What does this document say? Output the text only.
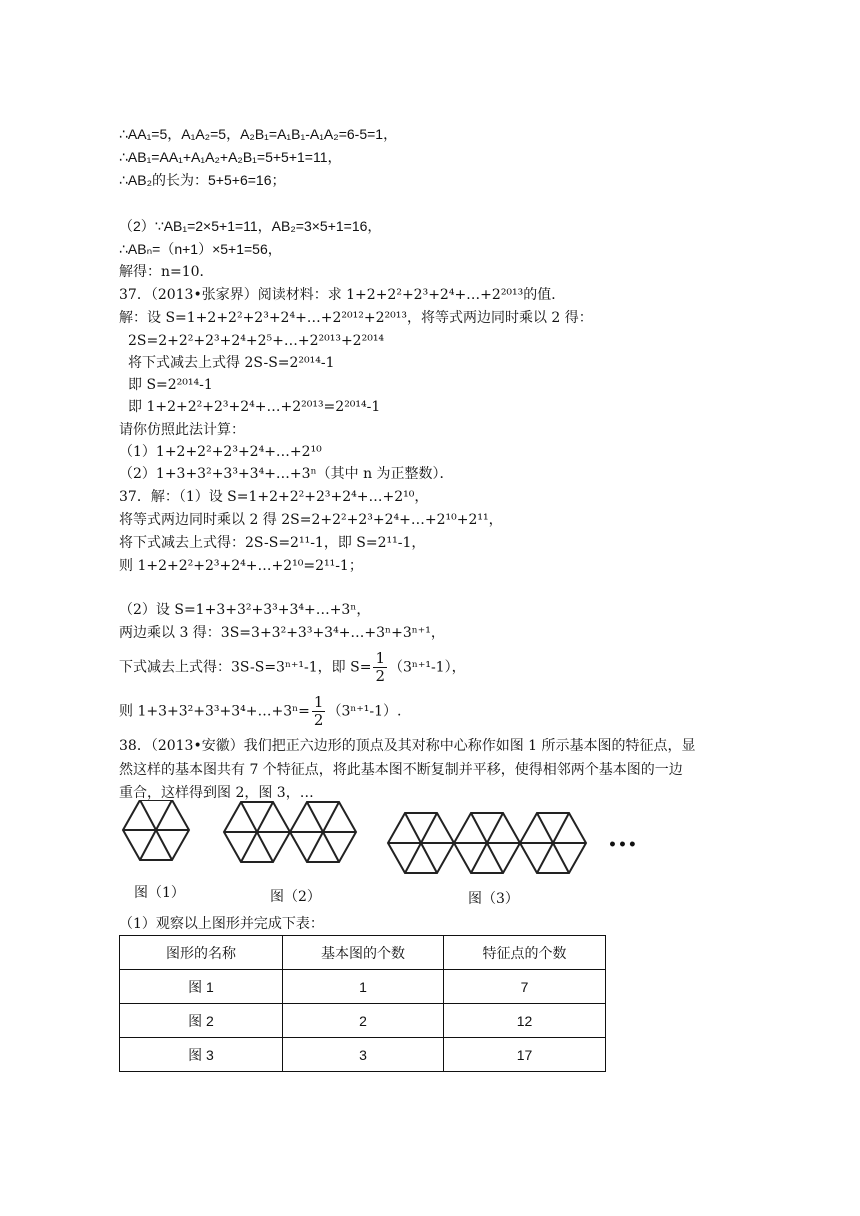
∴AA₁=5，A₁A₂=5，A₂B₁=A₁B₁-A₁A₂=6-5=1，
∴AB₁=AA₁+A₁A₂+A₂B₁=5+5+1=11，
∴AB₂的长为：5+5+6=16；
（2）∵AB₁=2×5+1=11，AB₂=3×5+1=16，
∴ABₙ=（n+1）×5+1=56，
解得：n=10．
37．（2013•张家界）阅读材料：求 1+2+2²+2³+2⁴+…+2²⁰¹³的值．
解：设 S=1+2+2²+2³+2⁴+…+2²⁰¹²+2²⁰¹³，将等式两边同时乘以 2 得：
2S=2+2²+2³+2⁴+2⁵+…+2²⁰¹³+2²⁰¹⁴
将下式减去上式得 2S-S=2²⁰¹⁴-1
即 S=2²⁰¹⁴-1
即 1+2+2²+2³+2⁴+…+2²⁰¹³=2²⁰¹⁴-1
请你仿照此法计算：
（1）1+2+2²+2³+2⁴+…+2¹⁰
（2）1+3+3²+3³+3⁴+…+3ⁿ（其中 n 为正整数）．
37．解：（1）设 S=1+2+2²+2³+2⁴+…+2¹⁰，
将等式两边同时乘以 2 得 2S=2+2²+2³+2⁴+…+2¹⁰+2¹¹，
将下式减去上式得：2S-S=2¹¹-1，即 S=2¹¹-1，
则 1+2+2²+2³+2⁴+…+2¹⁰=2¹¹-1；
（2）设 S=1+3+3²+3³+3⁴+…+3ⁿ，
两边乘以 3 得：3S=3+3²+3³+3⁴+…+3ⁿ+3ⁿ⁺¹，
下式减去上式得：3S-S=3ⁿ⁺¹-1，即 $S= \frac{1}{2} (3^{n+1}-1)$，
则 1+3+3²+3³+3⁴+…+3ⁿ= $\frac{1}{2} (3^{n+1}-1)$.
38．（2013•安徽）我们把正六边形的顶点及其对称中心称作如图 1 所示基本图的特征点，显
然这样的基本图共有 7 个特征点，将此基本图不断复制并平移，使得相邻两个基本图的一边
重合，这样得到图 2，图 3，…
图（1）	图（2）	图（3）
•••
（1）观察以上图形并完成下表：
图形的名称	基本图的个数	特征点的个数
图 1	1	7
图 2	2	12
图 3	3	17
